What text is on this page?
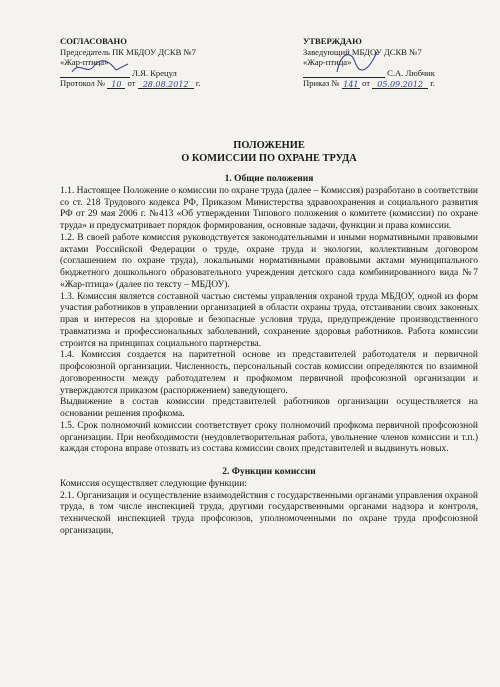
СОГЛАСОВАНО
Председатель ПК МБДОУ ДСКВ №7
«Жар-птица»

Л.Я. Крецул
Протокол № 10 от 28.08.2012 г.
УТВЕРЖДАЮ
Заведующий МБДОУ ДСКВ №7
«Жар-птица»

С.А. Любчик
Приказ № 141 от 05.09.2012 г.
ПОЛОЖЕНИЕ
О КОМИССИИ ПО ОХРАНЕ ТРУДА

1. Общие положения

1.1. Настоящее Положение о комиссии по охране труда (далее – Комиссия) разработано в соответствии со ст. 218 Трудового кодекса РФ, Приказом Министерства здравоохранения и социального развития РФ от 29 мая 2006 г. №413 «Об утверждении Типового положения о комитете (комиссии) по охране труда» и предусматривает порядок формирования, основные задачи, функции и права комиссии.

1.2. В своей работе комиссия руководствуется законодательными и иными нормативными правовыми актами Российской Федерации о труде, охране труда и экологии, коллективным договором (соглашением по охране труда), локальными нормативными правовыми актами муниципального бюджетного дошкольного образовательного учреждения детского сада комбинированного вида №7 «Жар-птица» (далее по тексту – МБДОУ).

1.3. Комиссия является составной частью системы управления охраной труда МБДОУ, одной из форм участия работников в управлении организацией в области охраны труда, отстаивании своих законных прав и интересов на здоровые и безопасные условия труда, предупреждение производственного травматизма и профессиональных заболеваний, сохранение здоровья работников. Работа комиссии строится на принципах социального партнерства.

1.4. Комиссия создается на паритетной основе из представителей работодателя и первичной профсоюзной организации. Численность, персональный состав комиссии определяются по взаимной договоренности между работодателем и профкомом первичной профсоюзной организации и утверждаются приказом (распоряжением) заведующего.

Выдвижение в состав комиссии представителей работников организации осуществляется на основании решения профкома.

1.5. Срок полномочий комиссии соответствует сроку полномочий профкома первичной профсоюзной организации. При необходимости (неудовлетворительная работа, увольнение членов комиссии и т.п.) каждая сторона вправе отозвать из состава комиссии своих представителей и выдвинуть новых.

2. Функции комиссии

Комиссия осуществляет следующие функции:

2.1. Организация и осуществление взаимодействия с государственными органами управления охраной труда, в том числе инспекцией труда, другими государственными органами надзора и контроля, технической инспекцией труда профсоюзов, уполномоченными по охране труда профсоюзной организации,
